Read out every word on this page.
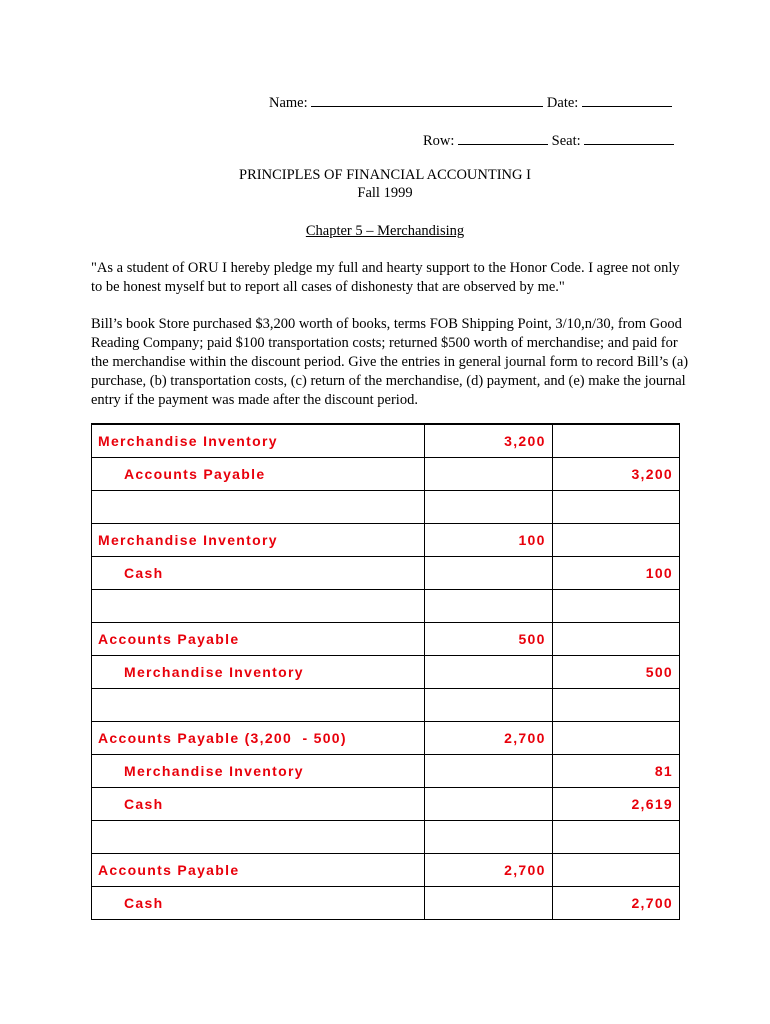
Name:	Date:
Row:	Seat:
PRINCIPLES OF FINANCIAL ACCOUNTING I
Fall 1999
Chapter 5 – Merchandising
"As a student of ORU I hereby pledge my full and hearty support to the Honor Code. I agree not only to be honest myself but to report all cases of dishonesty that are observed by me."
Bill’s book Store purchased $3,200 worth of books, terms FOB Shipping Point, 3/10,n/30, from Good Reading Company; paid $100 transportation costs; returned $500 worth of merchandise; and paid for the merchandise within the discount period. Give the entries in general journal form to record Bill’s (a) purchase, (b) transportation costs, (c) return of the merchandise, (d) payment, and (e) make the journal entry if the payment was made after the discount period.
Merchandise Inventory	3,200	
Accounts Payable		3,200

Merchandise Inventory	100	
Cash		100

Accounts Payable	500	
Merchandise Inventory		500

Accounts Payable (3,200  - 500)	2,700	
Merchandise Inventory		81
Cash		2,619

Accounts Payable	2,700	
Cash		2,700
